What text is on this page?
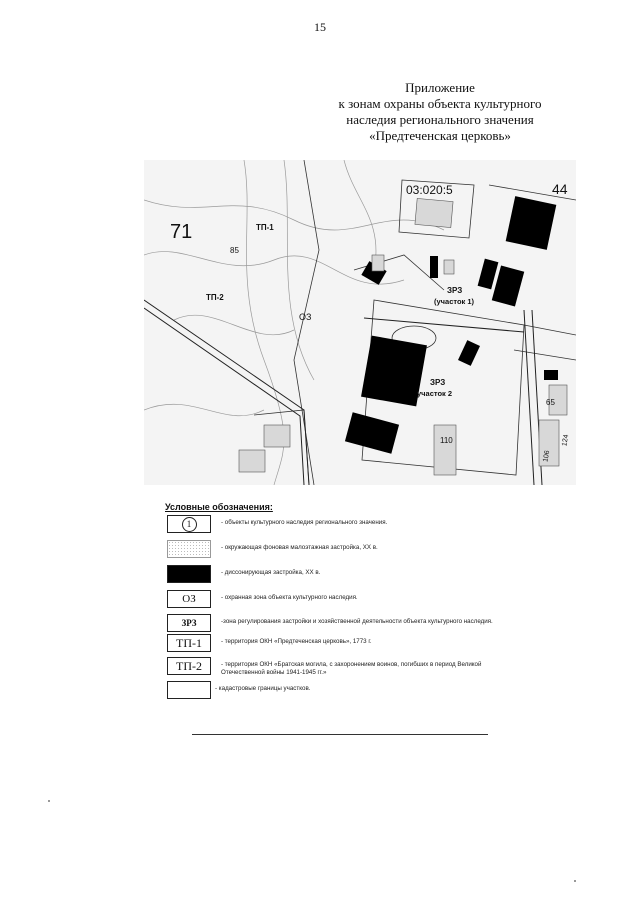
15
Приложение
к зонам охраны объекта культурного
наследия регионального значения
«Предтеченская церковь»
03:020:5
71
44
ТП-1
ТП-2
85
ОЗ
ЗРЗ
(участок 1)
ЗРЗ
участок 2
110
65
106
124
Условные обозначения:
1	- объекты культурного наследия регионального значения.
- окружающая фоновая малоэтажная застройка, XX в.
- диссонирующая застройка, XX в.
ОЗ	- охранная зона объекта культурного наследия.
ЗРЗ	-зона регулирования застройки и хозяйственной деятельности объекта культурного наследия.
ТП-1	- территория ОКН «Предтеченская церковь», 1773 г.
ТП-2	- территория ОКН «Братская могила, с захоронением воинов, погибших в период Великой
Отечественной войны 1941-1945 гг.»
- кадастровые границы участков.
